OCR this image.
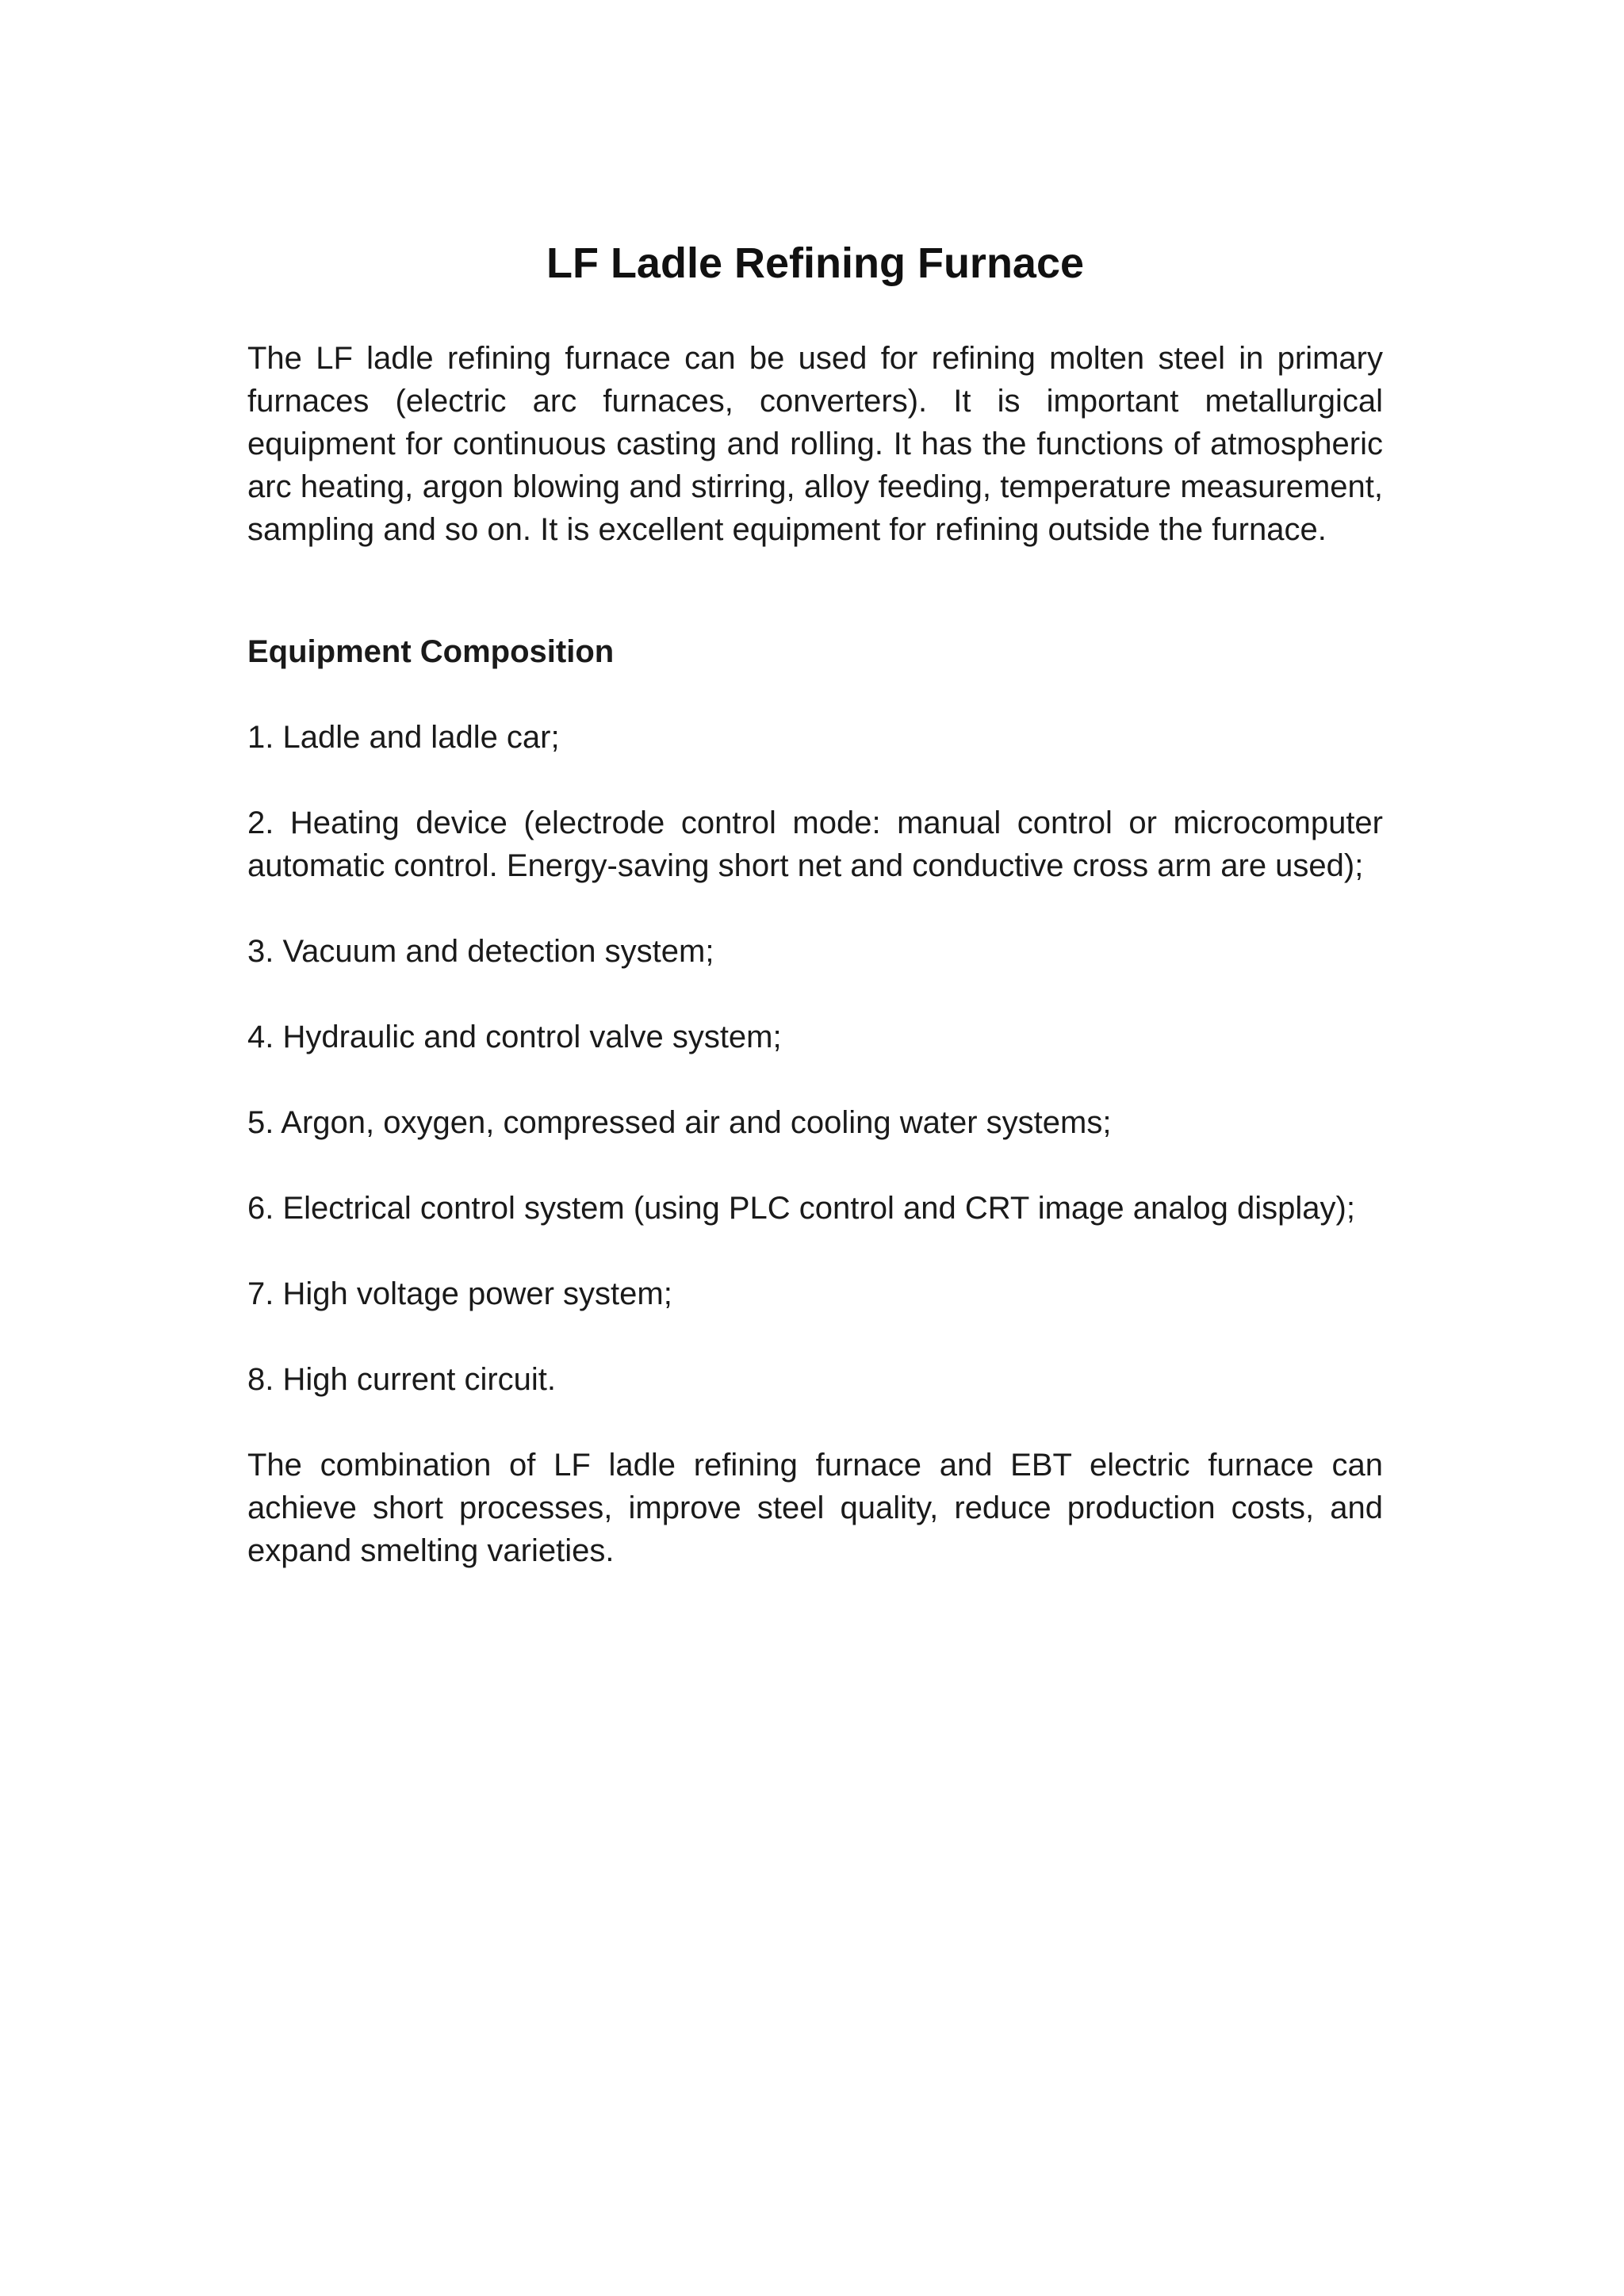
LF Ladle Refining Furnace

The LF ladle refining furnace can be used for refining molten steel in primary furnaces (electric arc furnaces, converters). It is important metallurgical equipment for continuous casting and rolling. It has the functions of atmospheric arc heating, argon blowing and stirring, alloy feeding, temperature measurement, sampling and so on. It is excellent equipment for refining outside the furnace.

Equipment Composition
1. Ladle and ladle car;
2. Heating device (electrode control mode: manual control or microcomputer automatic control. Energy-saving short net and conductive cross arm are used);
3. Vacuum and detection system;
4. Hydraulic and control valve system;
5. Argon, oxygen, compressed air and cooling water systems;
6. Electrical control system (using PLC control and CRT image analog display);
7. High voltage power system;
8. High current circuit.

The combination of LF ladle refining furnace and EBT electric furnace can achieve short processes, improve steel quality, reduce production costs, and expand smelting varieties.
